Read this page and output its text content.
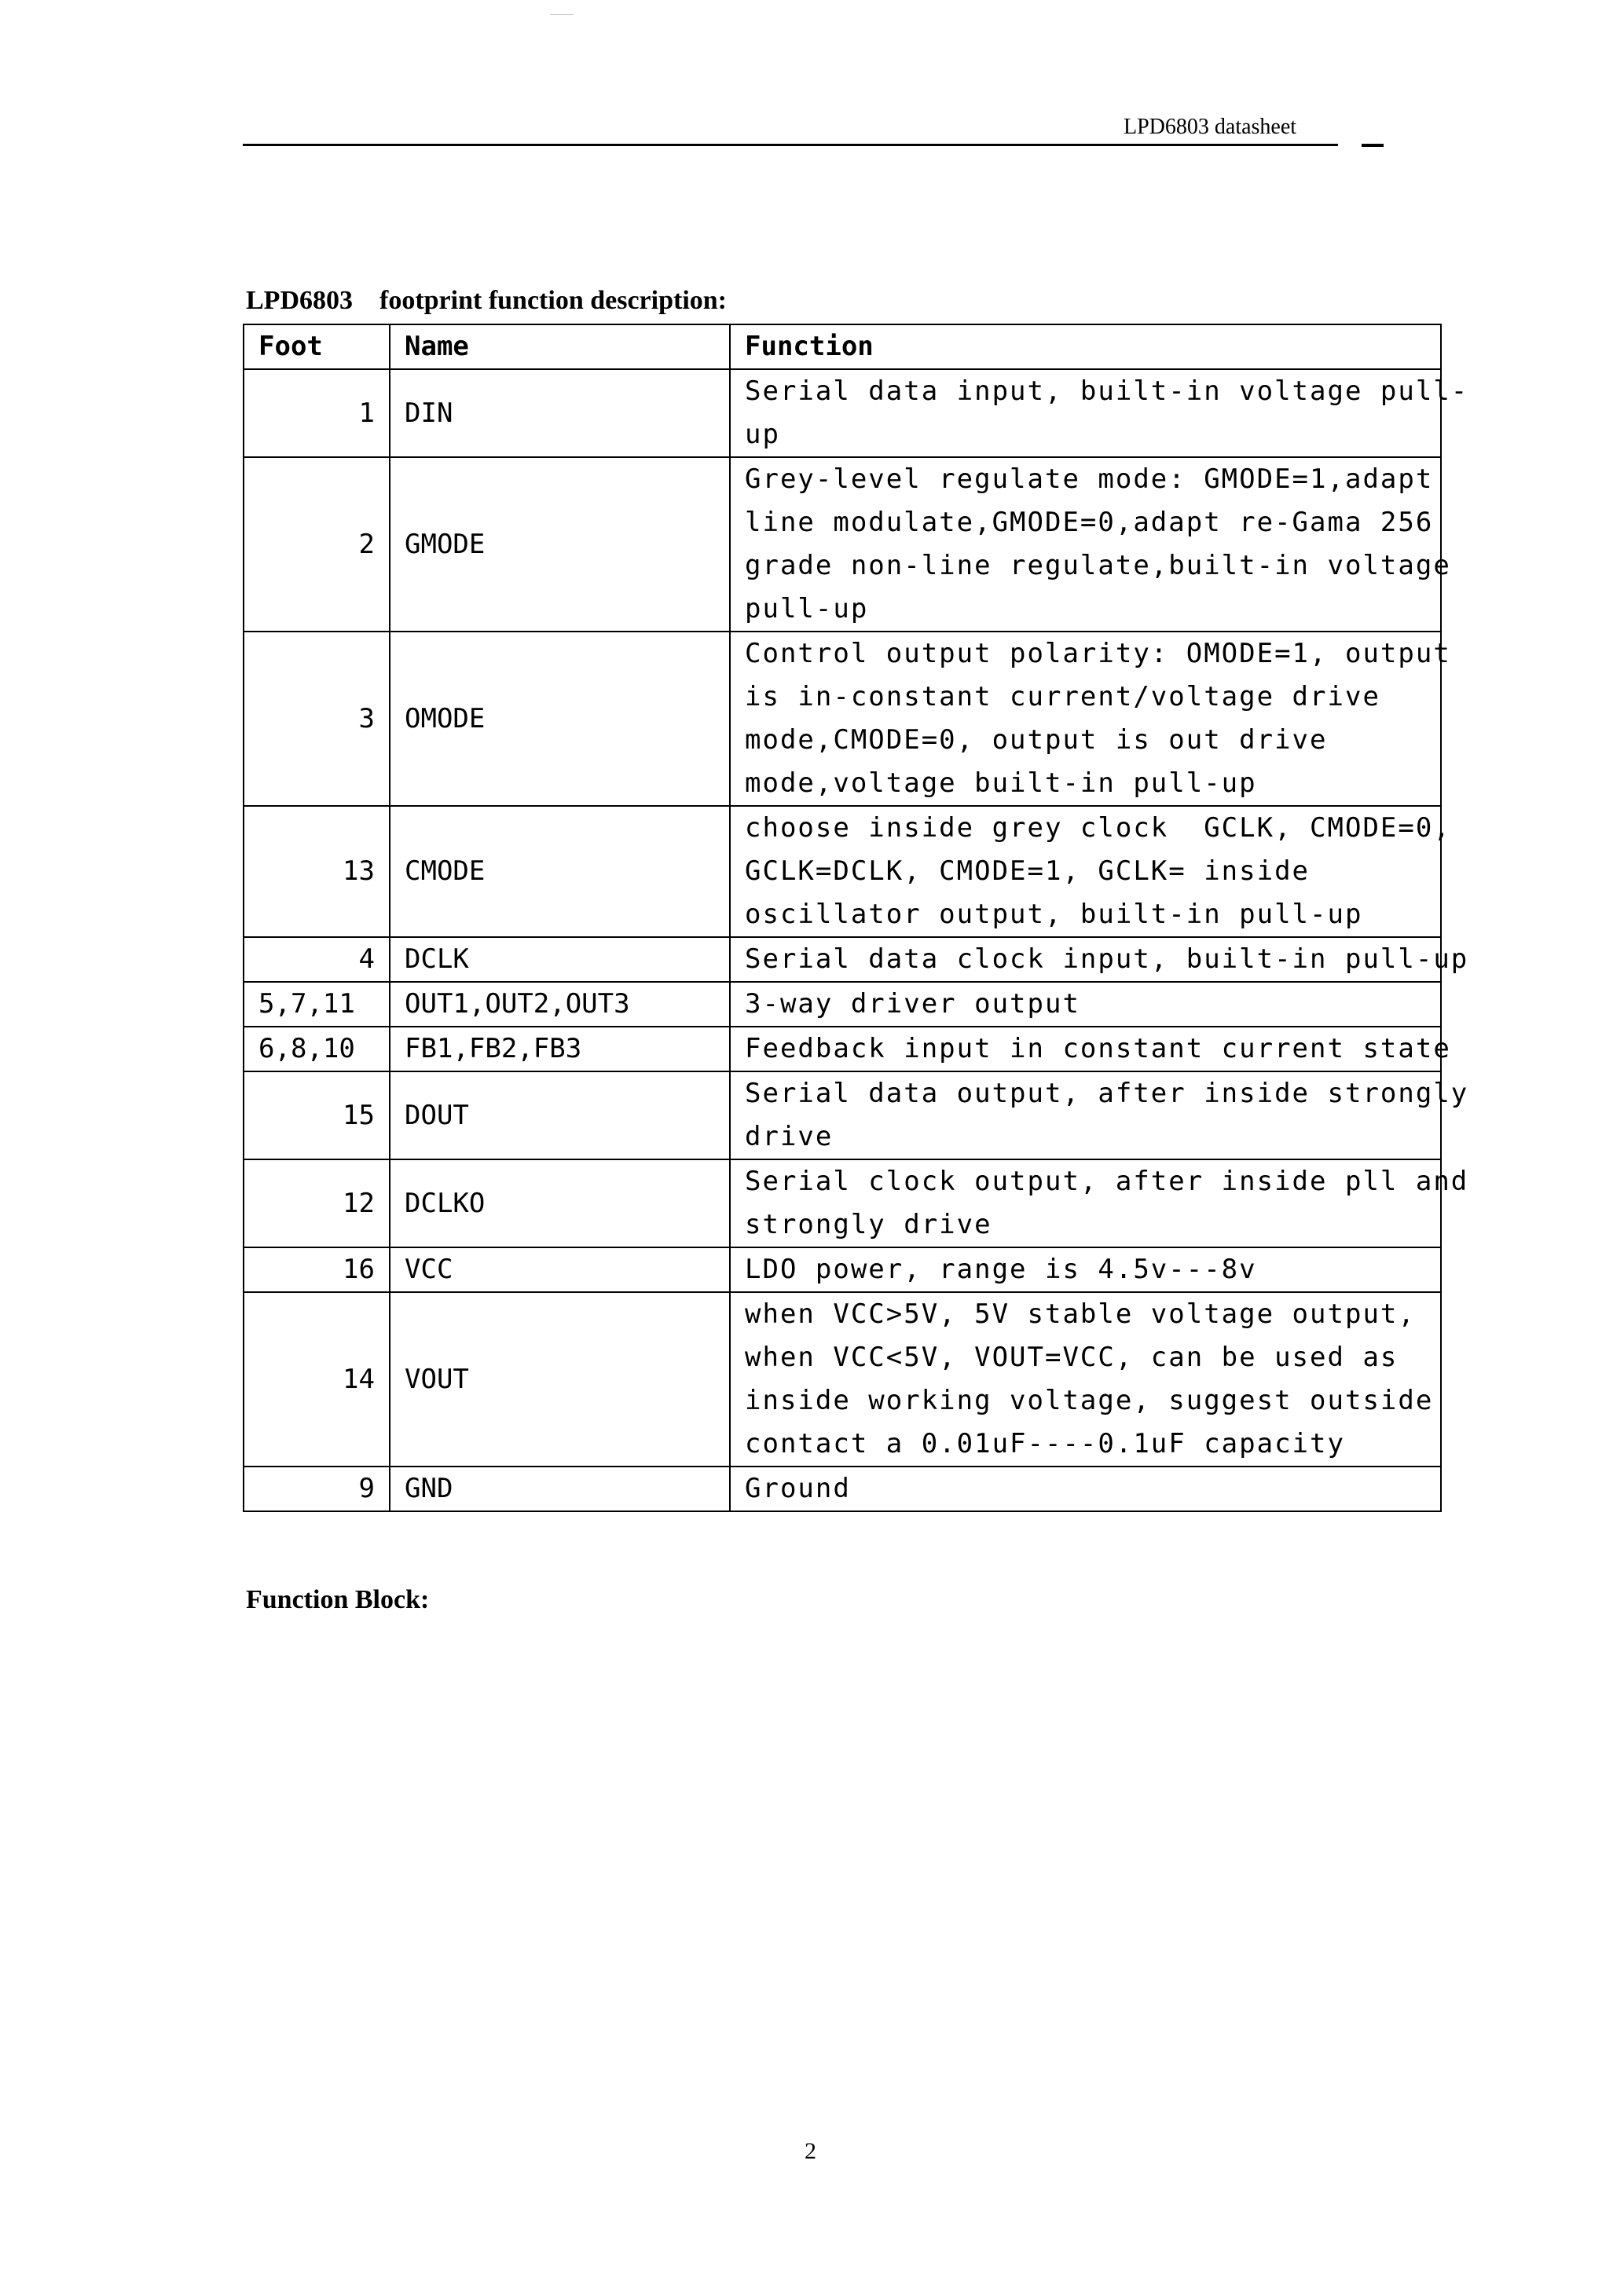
LPD6803 datasheet
LPD6803    footprint function description:
Foot	Name	Function
1	DIN	Serial data input, built-in voltage pull-
up

2	GMODE	Grey-level regulate mode: GMODE=1,adapt
line modulate,GMODE=0,adapt re-Gama 256
grade non-line regulate,built-in voltage
pull-up

3	OMODE	Control output polarity: OMODE=1, output
is in-constant current/voltage drive
mode,CMODE=0, output is out drive
mode,voltage built-in pull-up

13	CMODE	choose inside grey clock  GCLK, CMODE=0,
GCLK=DCLK, CMODE=1, GCLK= inside
oscillator output, built-in pull-up

4	DCLK	Serial data clock input, built-in pull-up

5,7,11	OUT1,OUT2,OUT3	3-way driver output

6,8,10	FB1,FB2,FB3	Feedback input in constant current state

15	DOUT	Serial data output, after inside strongly
drive

12	DCLKO	Serial clock output, after inside pll and
strongly drive

16	VCC	LDO power, range is 4.5v---8v

14	VOUT	when VCC>5V, 5V stable voltage output,
when VCC<5V, VOUT=VCC, can be used as
inside working voltage, suggest outside
contact a 0.01uF----0.1uF capacity

9	GND	Ground
Function Block:
2
